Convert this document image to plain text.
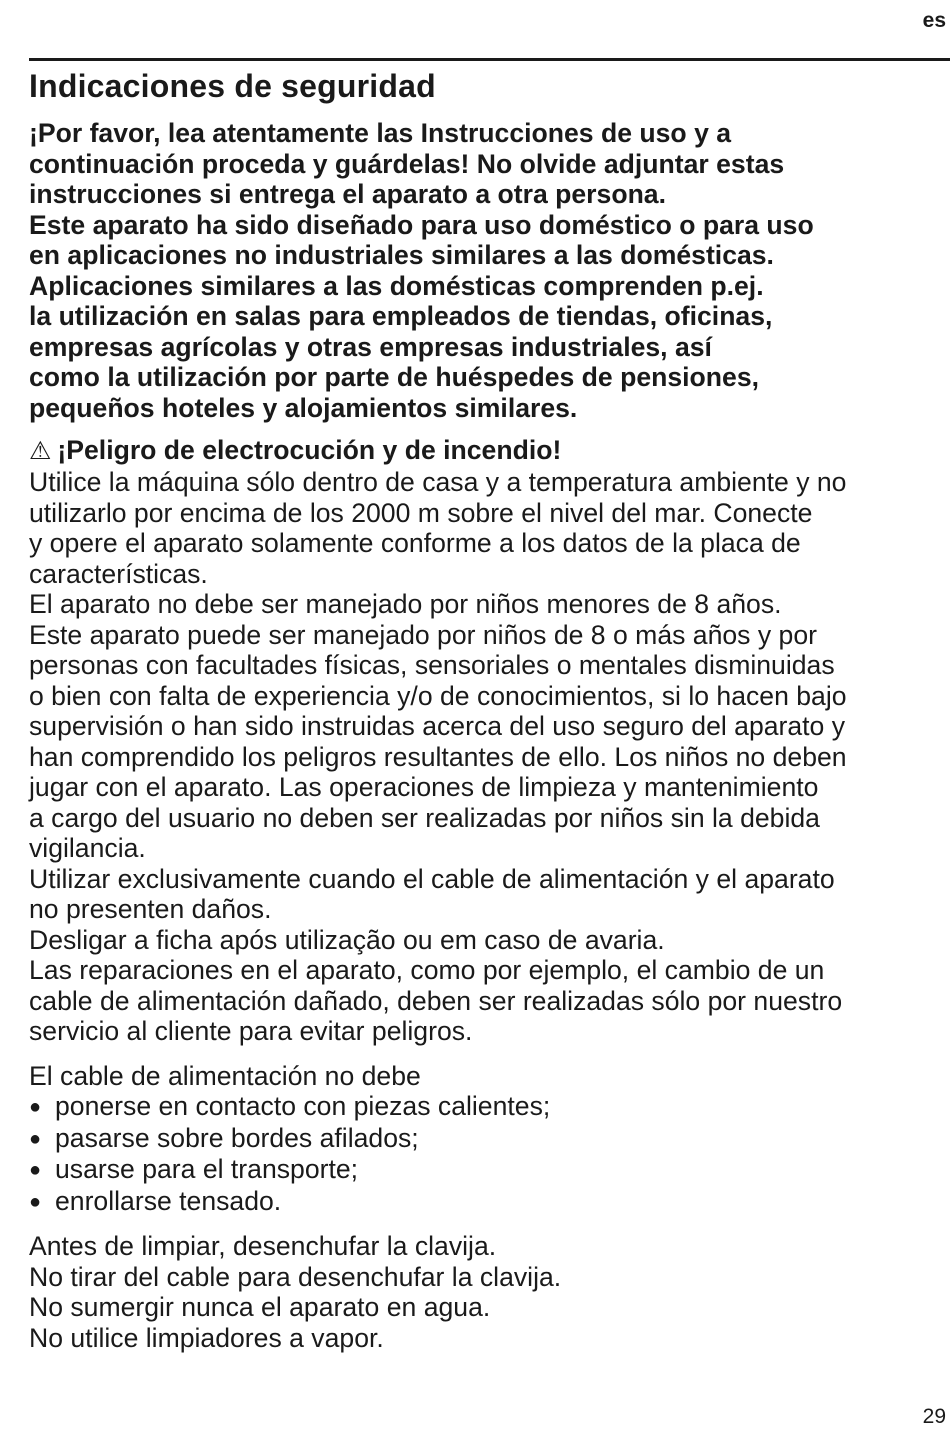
es
Indicaciones de seguridad
¡Por favor, lea atentamente las Instrucciones de uso y a
continuación proceda y guárdelas! No olvide adjuntar estas
instrucciones si entrega el aparato a otra persona.
Este aparato ha sido diseñado para uso doméstico o para uso
en aplicaciones no industriales similares a las domésticas.
Aplicaciones similares a las domésticas comprenden p.ej.
la utilización en salas para empleados de tiendas, oficinas,
empresas agrícolas y otras empresas industriales, así
como la utilización por parte de huéspedes de pensiones,
pequeños hoteles y alojamientos similares.
⚠ ¡Peligro de electrocución y de incendio!
Utilice la máquina sólo dentro de casa y a temperatura ambiente y no
utilizarlo por encima de los 2000 m sobre el nivel del mar. Conecte
y opere el aparato solamente conforme a los datos de la placa de
características.
El aparato no debe ser manejado por niños menores de 8 años.
Este aparato puede ser manejado por niños de 8 o más años y por
personas con facultades físicas, sensoriales o mentales disminuidas
o bien con falta de experiencia y/o de conocimientos, si lo hacen bajo
supervisión o han sido instruidas acerca del uso seguro del aparato y
han comprendido los peligros resultantes de ello. Los niños no deben
jugar con el aparato. Las operaciones de limpieza y mantenimiento
a cargo del usuario no deben ser realizadas por niños sin la debida
vigilancia.
Utilizar exclusivamente cuando el cable de alimentación y el aparato
no presenten daños.
Desligar a ficha após utilização ou em caso de avaria.
Las reparaciones en el aparato, como por ejemplo, el cambio de un
cable de alimentación dañado, deben ser realizadas sólo por nuestro
servicio al cliente para evitar peligros.
El cable de alimentación no debe
● ponerse en contacto con piezas calientes;
● pasarse sobre bordes afilados;
● usarse para el transporte;
● enrollarse tensado.
Antes de limpiar, desenchufar la clavija.
No tirar del cable para desenchufar la clavija.
No sumergir nunca el aparato en agua.
No utilice limpiadores a vapor.
29
